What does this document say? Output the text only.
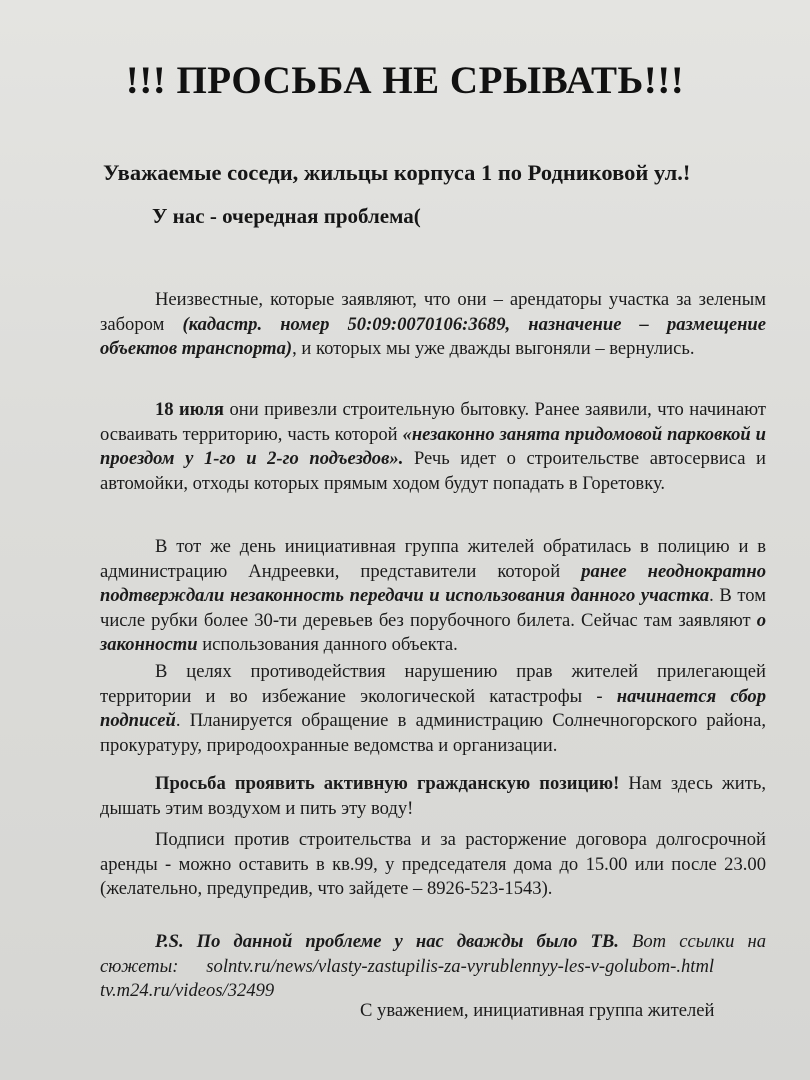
!!! ПРОСЬБА НЕ СРЫВАТЬ!!!
Уважаемые соседи, жильцы корпуса 1 по Родниковой ул.!
У нас - очередная проблема(
Неизвестные, которые заявляют, что они – арендаторы участка за зеленым забором (кадастр. номер 50:09:0070106:3689, назначение – размещение объектов транспорта), и которых мы уже дважды выгоняли – вернулись.
18 июля они привезли строительную бытовку. Ранее заявили, что начинают осваивать территорию, часть которой «незаконно занята придомовой парковкой и проездом у 1-го и 2-го подъездов». Речь идет о строительстве автосервиса и автомойки, отходы которых прямым ходом будут попадать в Горетовку.
В тот же день инициативная группа жителей обратилась в полицию и в администрацию Андреевки, представители которой ранее неоднократно подтверждали незаконность передачи и использования данного участка. В том числе рубки более 30-ти деревьев без порубочного билета. Сейчас там заявляют о законности использования данного объекта.
В целях противодействия нарушению прав жителей прилегающей территории и во избежание экологической катастрофы - начинается сбор подписей. Планируется обращение в администрацию Солнечногорского района, прокуратуру, природоохранные ведомства и организации.
Просьба проявить активную гражданскую позицию! Нам здесь жить, дышать этим воздухом и пить эту воду!
Подписи против строительства и за расторжение договора долгосрочной аренды - можно оставить в кв.99, у председателя дома до 15.00 или после 23.00 (желательно, предупредив, что зайдете – 8926-523-1543).
P.S. По данной проблеме у нас дважды было ТВ. Вот ссылки на сюжеты: solntv.ru/news/vlasty-zastupilis-za-vyrublennyy-les-v-golubom-.html
tv.m24.ru/videos/32499
С уважением, инициативная группа жителей
